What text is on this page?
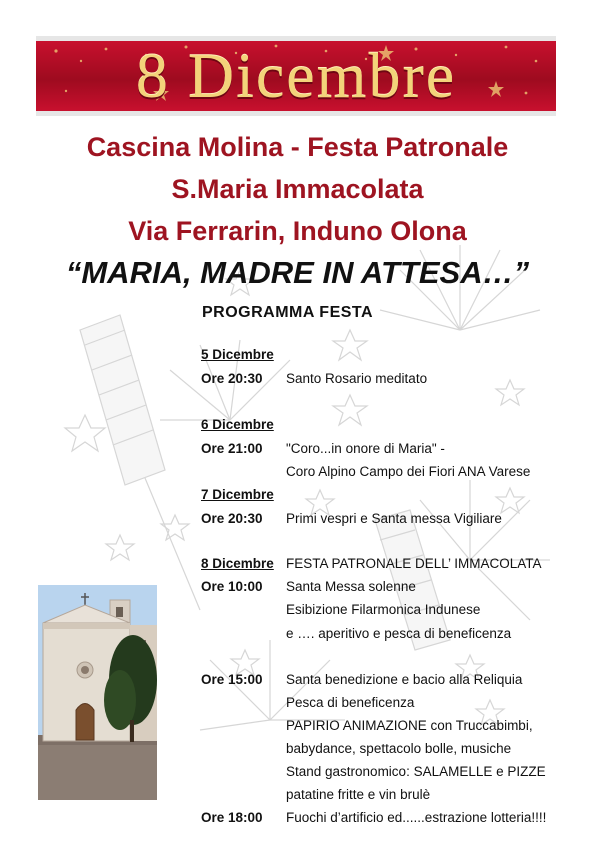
8 Dicembre
Cascina Molina - Festa Patronale
S.Maria Immacolata
Via Ferrarin, Induno Olona
“MARIA, MADRE IN ATTESA…”
PROGRAMMA FESTA
5 Dicembre
Ore 20:30 Santo Rosario meditato
6 Dicembre
Ore 21:00 "Coro...in onore di Maria" -
Coro Alpino Campo dei Fiori ANA Varese
7 Dicembre
Ore 20:30 Primi vespri e Santa messa Vigiliare
8 Dicembre FESTA PATRONALE DELL’ IMMACOLATA
Ore 10:00 Santa Messa solenne
Esibizione Filarmonica Indunese
e …. aperitivo e pesca di beneficenza
Ore 15:00 Santa benedizione e bacio alla Reliquia
Pesca di beneficenza
PAPIRIO ANIMAZIONE con Truccabimbi,
babydance, spettacolo bolle, musiche
Stand gastronomico: SALAMELLE e PIZZE
patatine fritte e vin brulè
Ore 18:00 Fuochi d’artificio ed......estrazione lotteria!!!!
